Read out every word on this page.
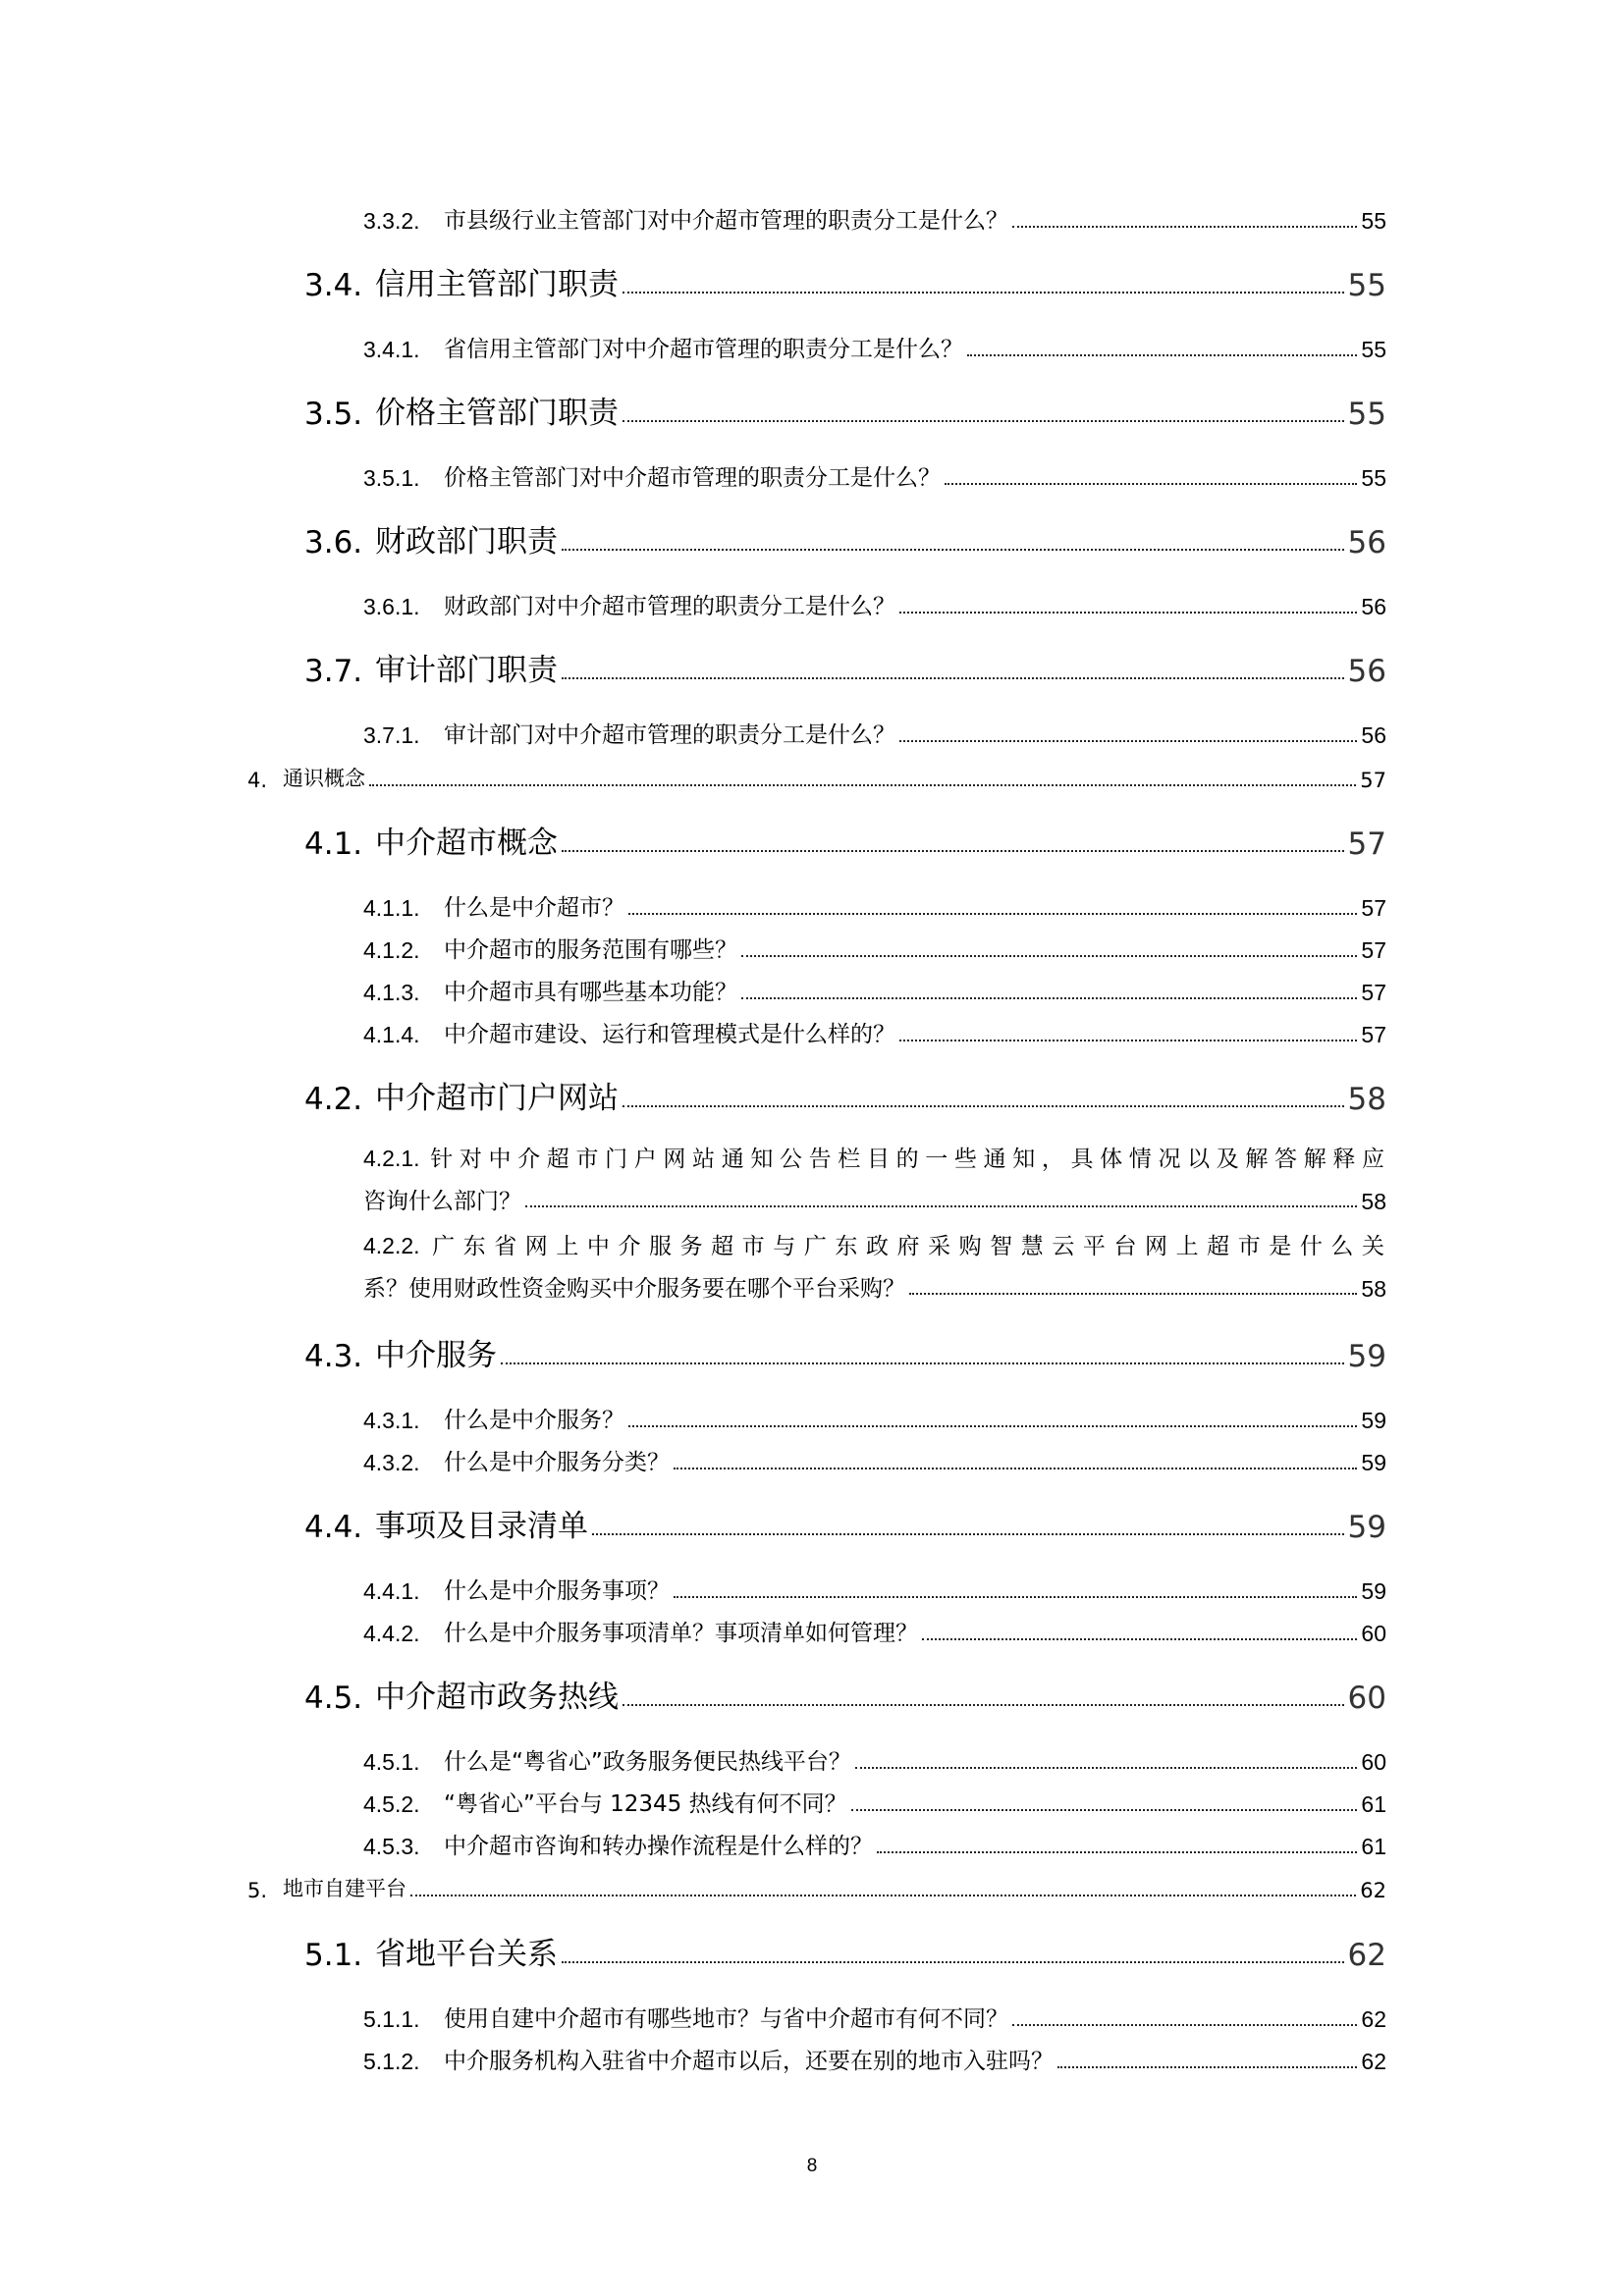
3.3.2.	市县级行业主管部门对中介超市管理的职责分工是什么？	55
3.4. 信用主管部门职责	55
3.4.1.	省信用主管部门对中介超市管理的职责分工是什么？	55
3.5. 价格主管部门职责	55
3.5.1.	价格主管部门对中介超市管理的职责分工是什么？	55
3.6. 财政部门职责	56
3.6.1.	财政部门对中介超市管理的职责分工是什么？	56
3.7. 审计部门职责	56
3.7.1.	审计部门对中介超市管理的职责分工是什么？	56
4. 通识概念	57
4.1. 中介超市概念	57
4.1.1.	什么是中介超市？	57
4.1.2.	中介超市的服务范围有哪些？	57
4.1.3.	中介超市具有哪些基本功能？	57
4.1.4.	中介超市建设、运行和管理模式是什么样的？	57
4.2. 中介超市门户网站	58
4.2.1. 针对中介超市门户网站通知公告栏目的一些通知，具体情况以及解答解释应
咨询什么部门？	58
4.2.2. 广东省网上中介服务超市与广东政府采购智慧云平台网上超市是什么关
系？使用财政性资金购买中介服务要在哪个平台采购？	58
4.3. 中介服务	59
4.3.1.	什么是中介服务？	59
4.3.2.	什么是中介服务分类？	59
4.4. 事项及目录清单	59
4.4.1.	什么是中介服务事项？	59
4.4.2.	什么是中介服务事项清单？事项清单如何管理？	60
4.5. 中介超市政务热线	60
4.5.1.	什么是“粤省心”政务服务便民热线平台？	60
4.5.2.	“粤省心”平台与 12345 热线有何不同？	61
4.5.3.	中介超市咨询和转办操作流程是什么样的？	61
5. 地市自建平台	62
5.1. 省地平台关系	62
5.1.1.	使用自建中介超市有哪些地市？与省中介超市有何不同？	62
5.1.2.	中介服务机构入驻省中介超市以后，还要在别的地市入驻吗？	62
8
